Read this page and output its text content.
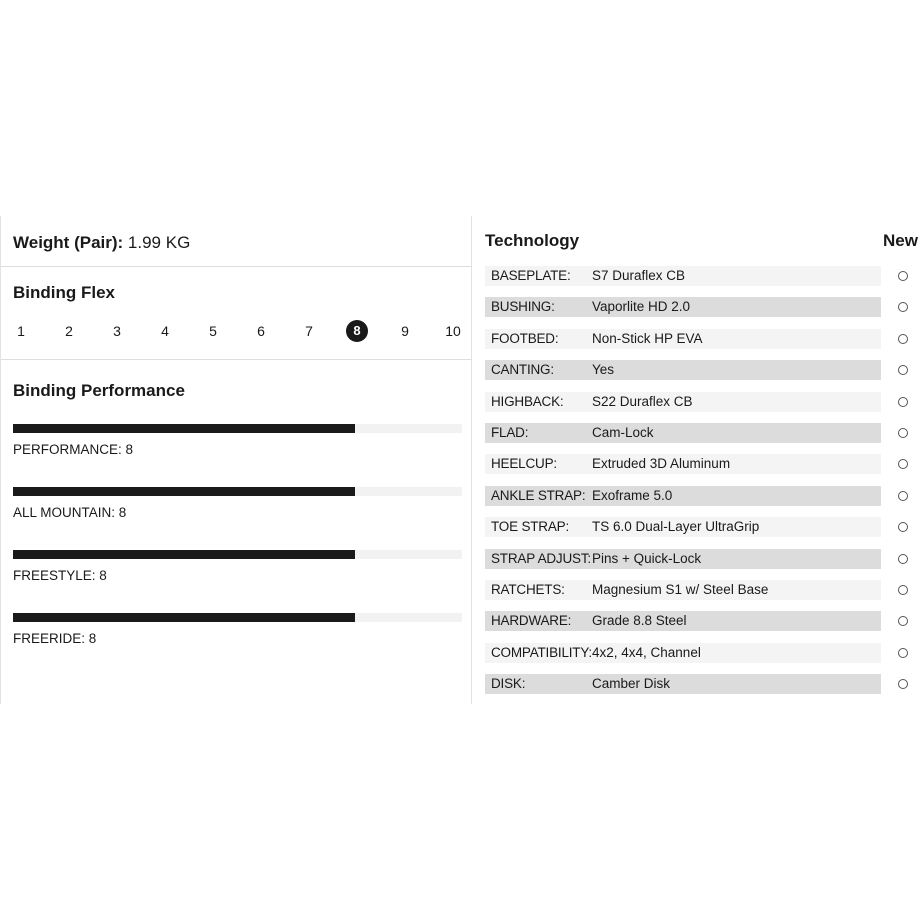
Weight (Pair): 1.99 KG
Binding Flex
1	2	3	4	5	6	7	8	9	10
Binding Performance
PERFORMANCE: 8
ALL MOUNTAIN: 8
FREESTYLE: 8
FREERIDE: 8
Technology	New
BASEPLATE: S7 Duraflex CB
BUSHING:	Vaporlite HD 2.0
FOOTBED: Non-Stick HP EVA
CANTING:	Yes
HIGHBACK: S22 Duraflex CB
FLAD:	Cam-Lock
HEELCUP:	Extruded 3D Aluminum
ANKLE STRAP: Exoframe 5.0
TOE STRAP: TS 6.0 Dual-Layer UltraGrip
STRAP ADJUST: Pins + Quick-Lock
RATCHETS: Magnesium S1 w/ Steel Base
HARDWARE: Grade 8.8 Steel
COMPATIBILITY: 4x2, 4x4, Channel
DISK:	Camber Disk
